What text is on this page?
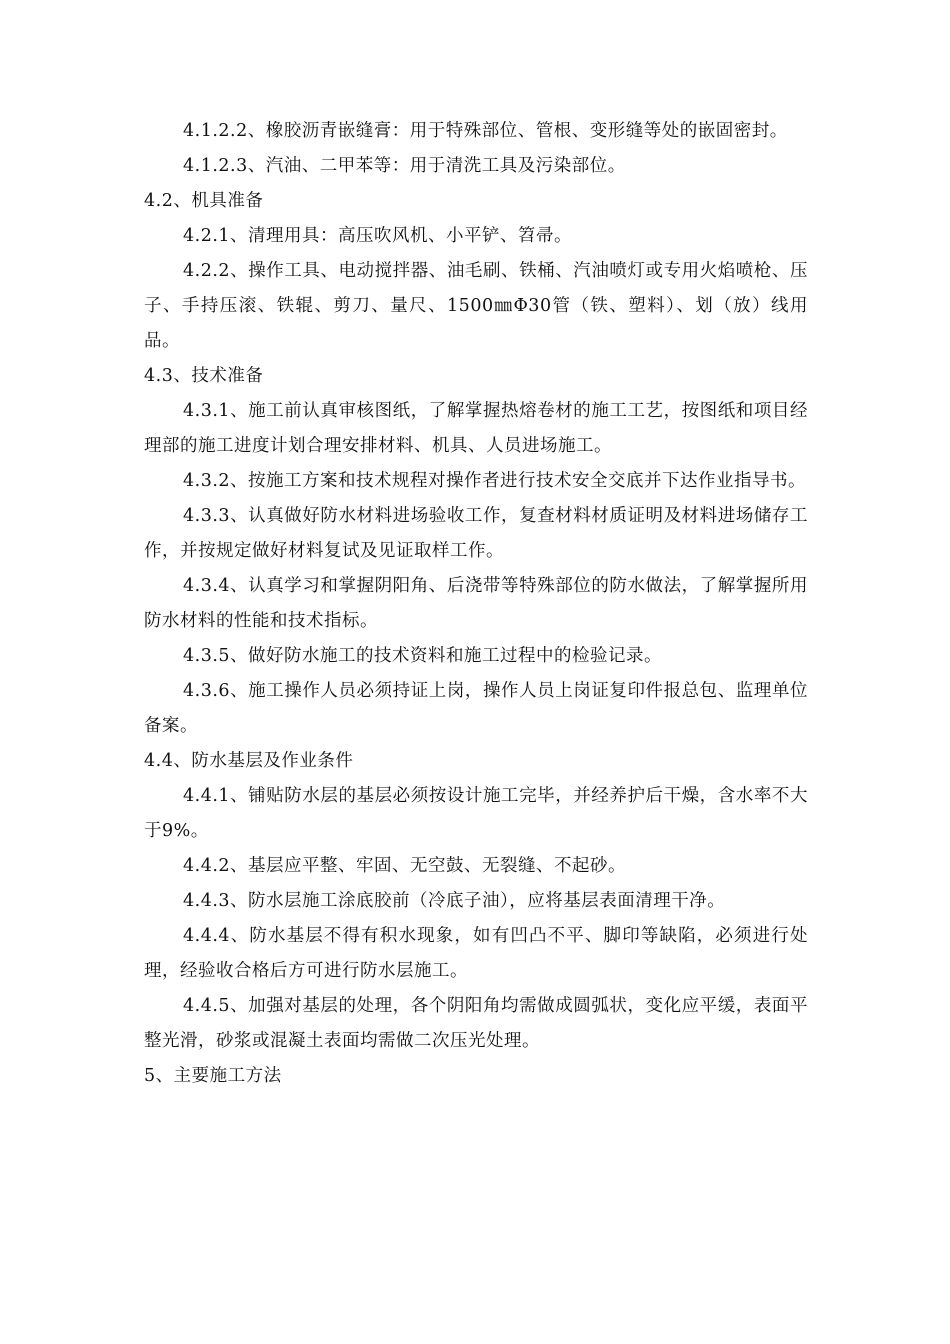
4.1.2.2、橡胶沥青嵌缝膏：用于特殊部位、管根、变形缝等处的嵌固密封。

4.1.2.3、汽油、二甲苯等：用于清洗工具及污染部位。

4.2、机具准备

4.2.1、清理用具：高压吹风机、小平铲、笤帚。

4.2.2、操作工具、电动搅拌器、油毛刷、铁桶、汽油喷灯或专用火焰喷枪、压子、手持压滚、铁辊、剪刀、量尺、1500㎜Φ30管（铁、塑料）、划（放）线用品。

4.3、技术准备

4.3.1、施工前认真审核图纸，了解掌握热熔卷材的施工工艺，按图纸和项目经理部的施工进度计划合理安排材料、机具、人员进场施工。

4.3.2、按施工方案和技术规程对操作者进行技术安全交底并下达作业指导书。

4.3.3、认真做好防水材料进场验收工作，复查材料材质证明及材料进场储存工作，并按规定做好材料复试及见证取样工作。

4.3.4、认真学习和掌握阴阳角、后浇带等特殊部位的防水做法，了解掌握所用防水材料的性能和技术指标。

4.3.5、做好防水施工的技术资料和施工过程中的检验记录。

4.3.6、施工操作人员必须持证上岗，操作人员上岗证复印件报总包、监理单位备案。

4.4、防水基层及作业条件

4.4.1、铺贴防水层的基层必须按设计施工完毕，并经养护后干燥，含水率不大于9%。

4.4.2、基层应平整、牢固、无空鼓、无裂缝、不起砂。

4.4.3、防水层施工涂底胶前（冷底子油），应将基层表面清理干净。

4.4.4、防水基层不得有积水现象，如有凹凸不平、脚印等缺陷，必须进行处理，经验收合格后方可进行防水层施工。

4.4.5、加强对基层的处理，各个阴阳角均需做成圆弧状，变化应平缓，表面平整光滑，砂浆或混凝土表面均需做二次压光处理。

5、主要施工方法
